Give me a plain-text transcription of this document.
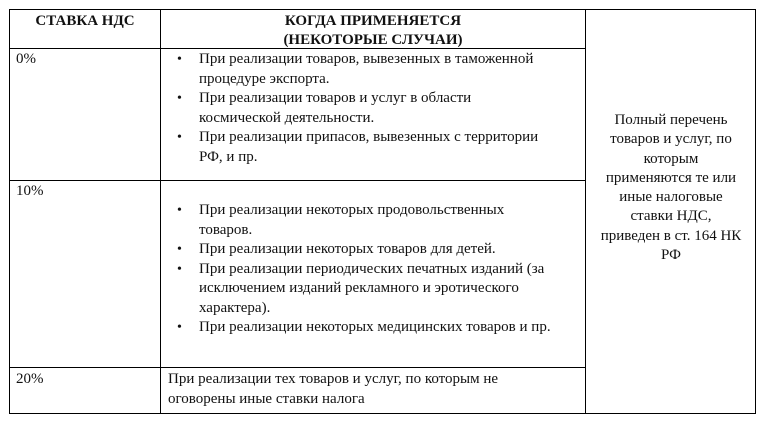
СТАВКА НДС	КОГДА ПРИМЕНЯЕТСЯ
(НЕКОТОРЫЕ СЛУЧАИ)
0%	• При реализации товаров, вывезенных в таможенной процедуре экспорта.
• При реализации товаров и услуг в области космической деятельности.
• При реализации припасов, вывезенных с территории РФ, и пр.
10%
• При реализации некоторых продовольственных товаров.
• При реализации некоторых товаров для детей.
• При реализации периодических печатных изданий (за исключением изданий рекламного и эротического характера).
• При реализации некоторых медицинских товаров и пр.
20%	При реализации тех товаров и услуг, по которым не оговорены иные ставки налога
Полный перечень товаров и услуг, по которым применяются те или иные налоговые ставки НДС, приведен в ст. 164 НК РФ
